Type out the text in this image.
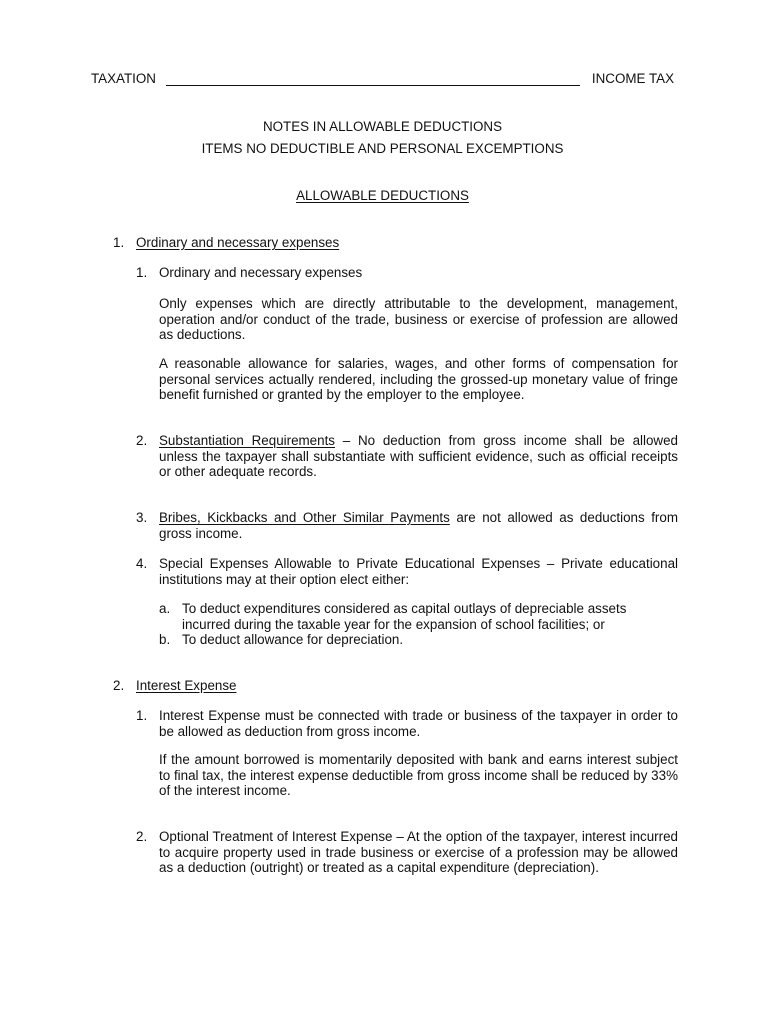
TAXATION	INCOME TAX
NOTES IN ALLOWABLE DEDUCTIONS
ITEMS NO DEDUCTIBLE AND PERSONAL EXCEMPTIONS
ALLOWABLE DEDUCTIONS
1. Ordinary and necessary expenses
1. Ordinary and necessary expenses
Only expenses which are directly attributable to the development, management, operation and/or conduct of the trade, business or exercise of profession are allowed as deductions.
A reasonable allowance for salaries, wages, and other forms of compensation for personal services actually rendered, including the grossed-up monetary value of fringe benefit furnished or granted by the employer to the employee.
2. Substantiation Requirements – No deduction from gross income shall be allowed unless the taxpayer shall substantiate with sufficient evidence, such as official receipts or other adequate records.
3. Bribes, Kickbacks and Other Similar Payments are not allowed as deductions from gross income.
4. Special Expenses Allowable to Private Educational Expenses – Private educational institutions may at their option elect either:
a. To deduct expenditures considered as capital outlays of depreciable assets incurred during the taxable year for the expansion of school facilities; or
b. To deduct allowance for depreciation.
2. Interest Expense
1. Interest Expense must be connected with trade or business of the taxpayer in order to be allowed as deduction from gross income.
If the amount borrowed is momentarily deposited with bank and earns interest subject to final tax, the interest expense deductible from gross income shall be reduced by 33% of the interest income.
2. Optional Treatment of Interest Expense – At the option of the taxpayer, interest incurred to acquire property used in trade business or exercise of a profession may be allowed as a deduction (outright) or treated as a capital expenditure (depreciation).
